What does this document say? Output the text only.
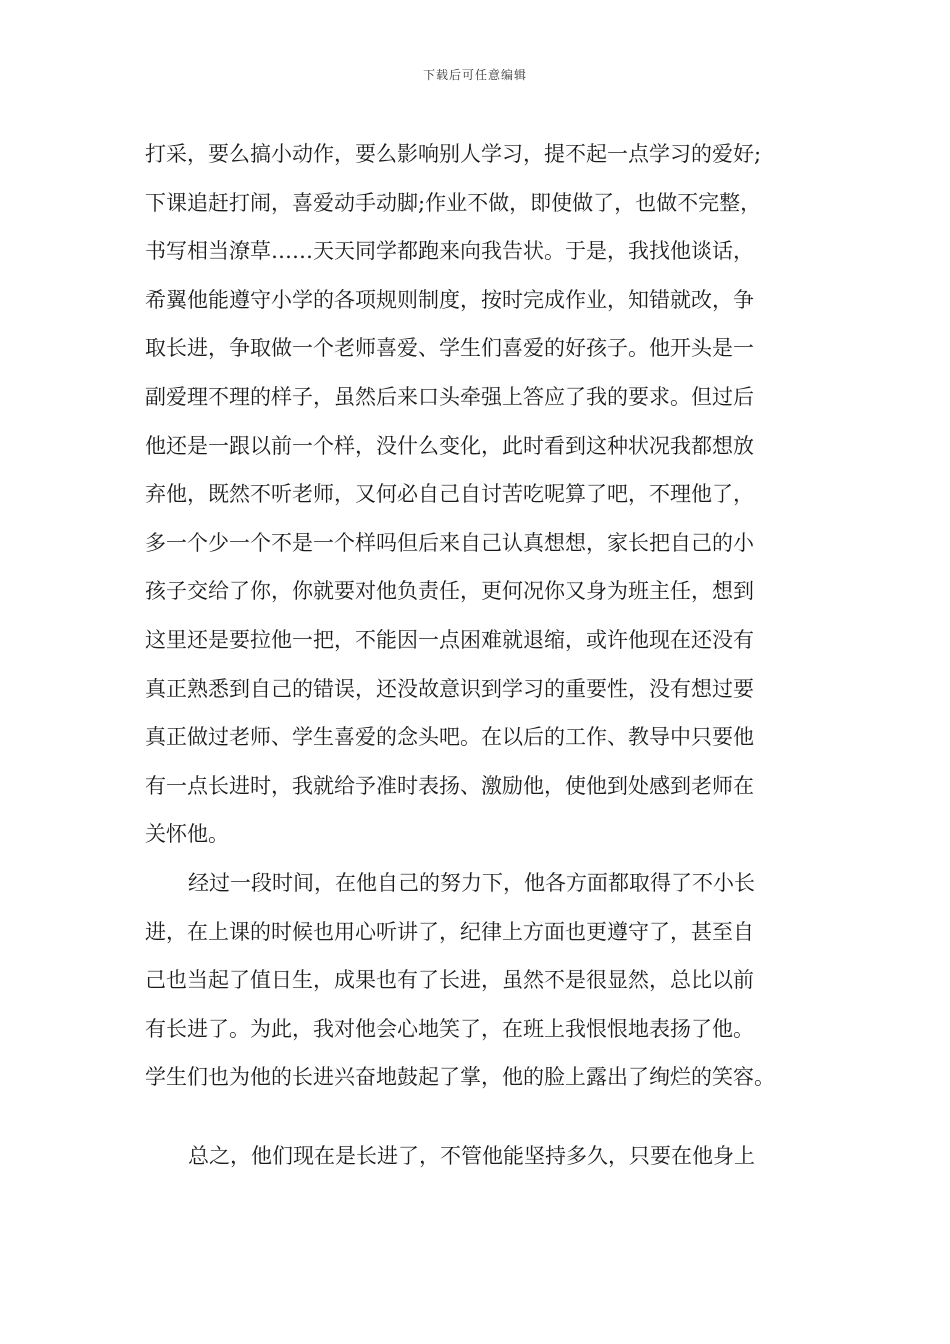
下载后可任意编辑
打采，要么搞小动作，要么影响别人学习，提不起一点学习的爱好;
下课追赶打闹，喜爱动手动脚;作业不做，即使做了，也做不完整，
书写相当潦草……天天同学都跑来向我告状。于是，我找他谈话，
希翼他能遵守小学的各项规则制度，按时完成作业，知错就改，争
取长进，争取做一个老师喜爱、学生们喜爱的好孩子。他开头是一
副爱理不理的样子，虽然后来口头牵强上答应了我的要求。但过后
他还是一跟以前一个样，没什么变化，此时看到这种状况我都想放
弃他，既然不听老师，又何必自己自讨苦吃呢算了吧，不理他了，
多一个少一个不是一个样吗但后来自己认真想想，家长把自己的小
孩子交给了你，你就要对他负责任，更何况你又身为班主任，想到
这里还是要拉他一把，不能因一点困难就退缩，或许他现在还没有
真正熟悉到自己的错误，还没故意识到学习的重要性，没有想过要
真正做过老师、学生喜爱的念头吧。在以后的工作、教导中只要他
有一点长进时，我就给予准时表扬、激励他，使他到处感到老师在
关怀他。
经过一段时间，在他自己的努力下，他各方面都取得了不小长
进，在上课的时候也用心听讲了，纪律上方面也更遵守了，甚至自
己也当起了值日生，成果也有了长进，虽然不是很显然，总比以前
有长进了。为此，我对他会心地笑了，在班上我恨恨地表扬了他。
学生们也为他的长进兴奋地鼓起了掌，他的脸上露出了绚烂的笑容。
总之，他们现在是长进了，不管他能坚持多久，只要在他身上
